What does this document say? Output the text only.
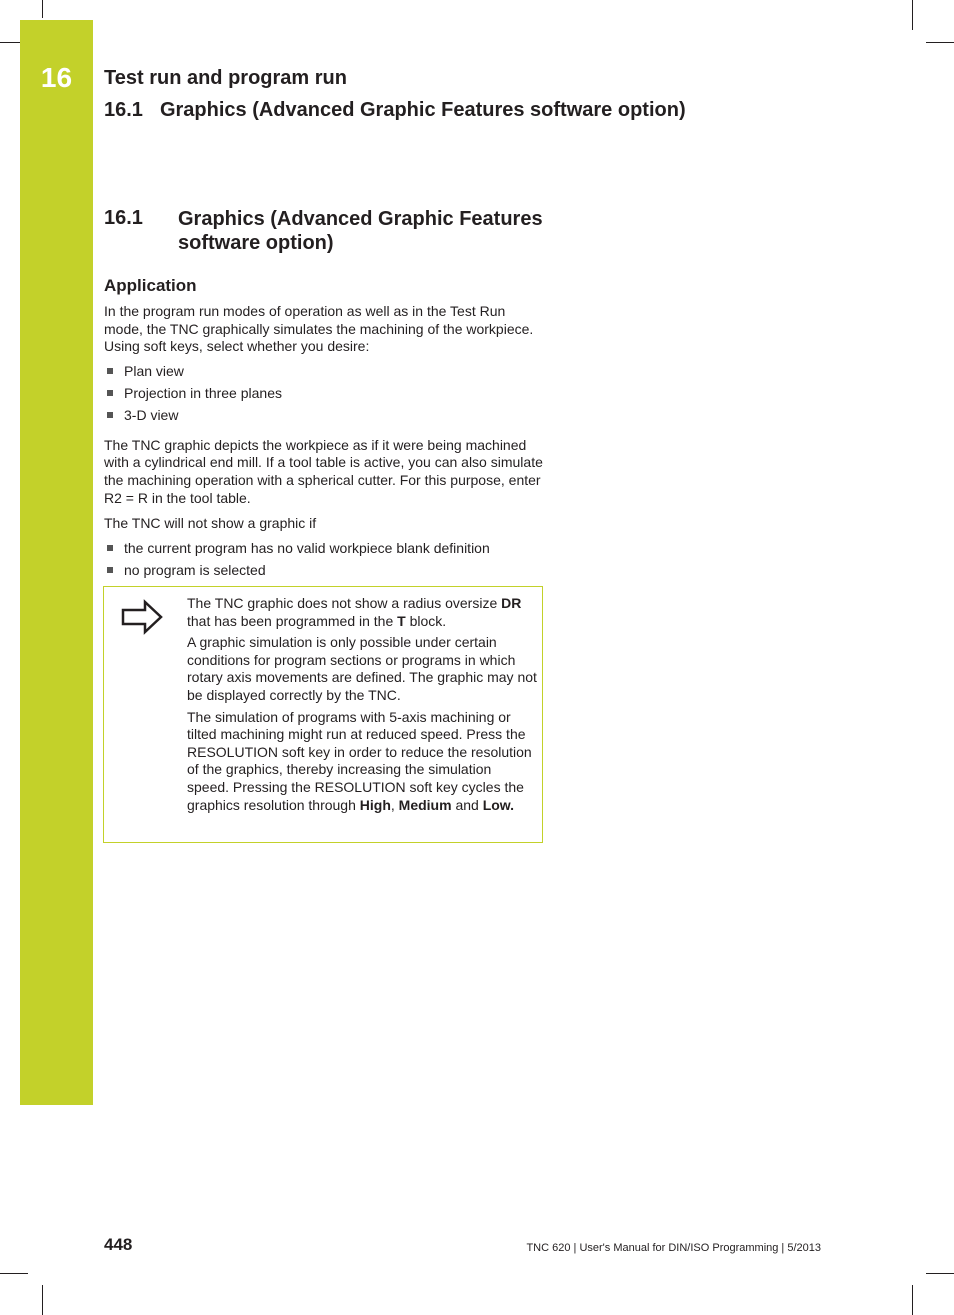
16	Test run and program run
16.1 Graphics (Advanced Graphic Features software option)
16.1 Graphics (Advanced Graphic Features software option)
Application

In the program run modes of operation as well as in the Test Run mode, the TNC graphically simulates the machining of the workpiece. Using soft keys, select whether you desire:

Plan view
Projection in three planes
3-D view

The TNC graphic depicts the workpiece as if it were being machined with a cylindrical end mill. If a tool table is active, you can also simulate the machining operation with a spherical cutter. For this purpose, enter R2 = R in the tool table.

The TNC will not show a graphic if

the current program has no valid workpiece blank definition
no program is selected

The TNC graphic does not show a radius oversize DR that has been programmed in the T block.

A graphic simulation is only possible under certain conditions for program sections or programs in which rotary axis movements are defined. The graphic may not be displayed correctly by the TNC.

The simulation of programs with 5-axis machining or tilted machining might run at reduced speed. Press the RESOLUTION soft key in order to reduce the resolution of the graphics, thereby increasing the simulation speed. Pressing the RESOLUTION soft key cycles the graphics resolution through High, Medium and Low.

448	TNC 620 | User's Manual for DIN/ISO Programming | 5/2013
